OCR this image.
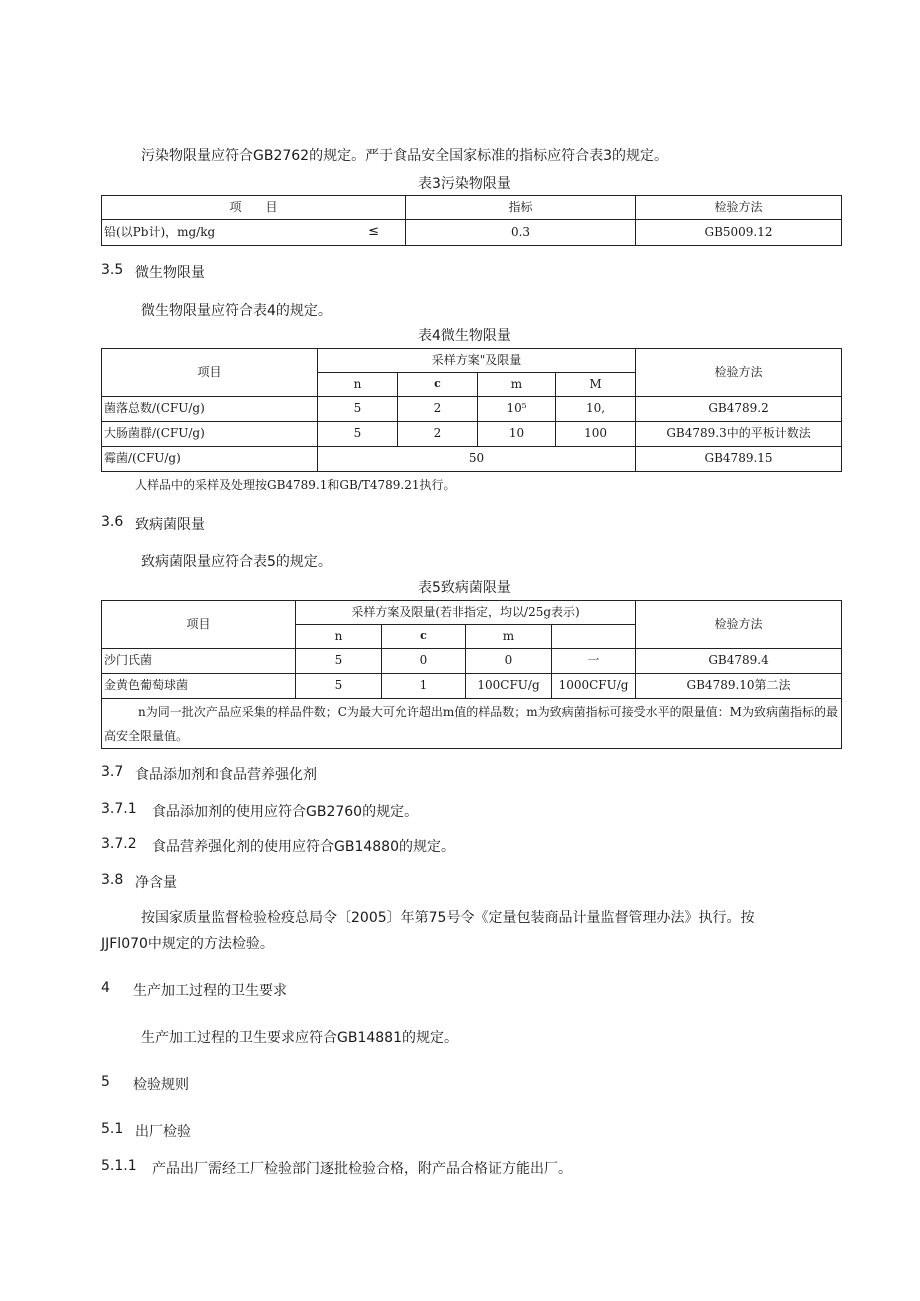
污染物限量应符合GB2762的规定。严于食品安全国家标准的指标应符合表3的规定。
表3污染物限量
项　　目	指标	检验方法
铅(以Pb计)，mg/kg ≤	0.3	GB5009.12
3.5 微生物限量
微生物限量应符合表4的规定。
表4微生物限量
项目	采样方案"及限量				检验方法
	n	c	m	M	
菌落总数/(CFU/g)	5	2	10⁵	10,	GB4789.2
大肠菌群/(CFU/g)	5	2	10	100	GB4789.3中的平板计数法
霉菌/(CFU/g)	50				GB4789.15
人样品中的采样及处理按GB4789.1和GB/T4789.21执行。
3.6 致病菌限量
致病菌限量应符合表5的规定。
表5致病菌限量
项目	采样方案及限量(若非指定，均以/25g表示)				检验方法
	n	c	m		
沙门氏菌	5	0	0	一	GB4789.4
金黄色葡萄球菌	5	1	100CFU/g	1000CFU/g	GB4789.10第二法
n为同一批次产品应采集的样品件数；C为最大可允许超出m值的样品数；m为致病菌指标可接受水平的限量值：M为致病菌指标的最高安全限量值。					
3.7 食品添加剂和食品营养强化剂
3.7.1 食品添加剂的使用应符合GB2760的规定。
3.7.2 食品营养强化剂的使用应符合GB14880的规定。
3.8 净含量
按国家质量监督检验检疫总局令〔2005〕年第75号令《定量包装商品计量监督管理办法》执行。按
JJFl070中规定的方法检验。
4 生产加工过程的卫生要求
生产加工过程的卫生要求应符合GB14881的规定。
5 检验规则
5.1 出厂检验
5.1.1 产品出厂需经工厂检验部门逐批检验合格，附产品合格证方能出厂。
